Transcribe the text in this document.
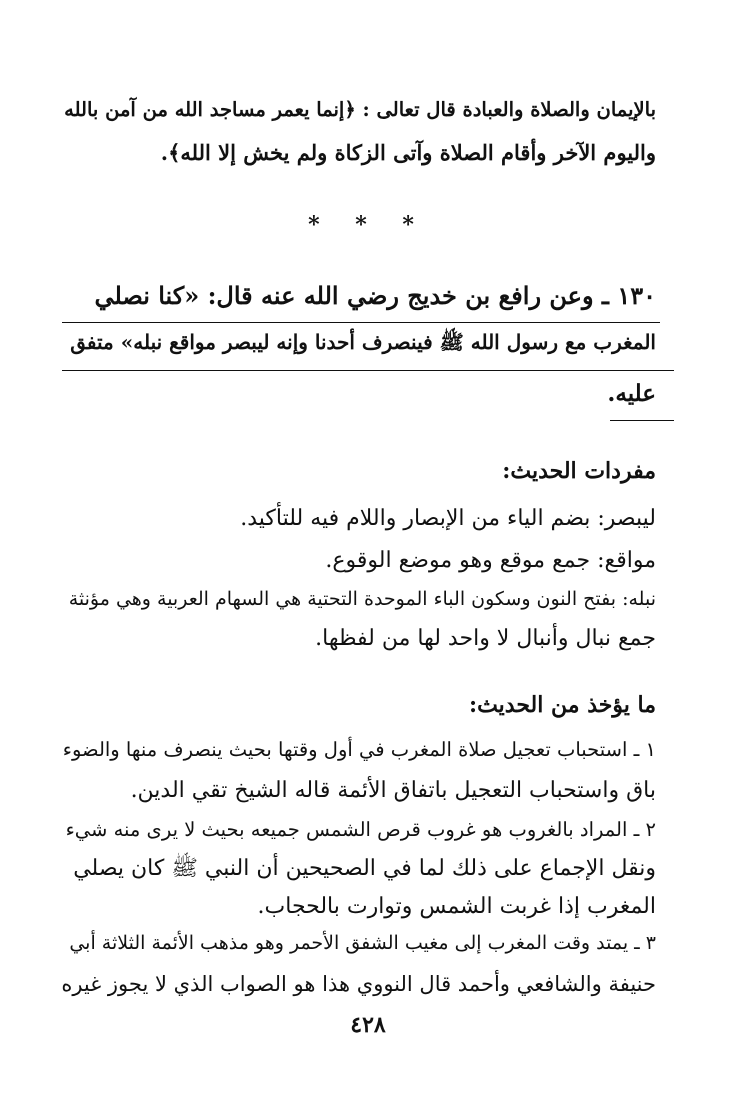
بالإيمان والصلاة والعبادة قال تعالى : ﴿إنما يعمر مساجد الله من آمن بالله
واليوم الآخر وأقام الصلاة وآتى الزكاة ولم يخش إلا الله﴾.
* * *
١٣٠ ـ وعن رافع بن خديج رضي الله عنه قال: «كنا نصلي
المغرب مع رسول الله ﷺ فينصرف أحدنا وإنه ليبصر مواقع نبله» متفق
عليه.
مفردات الحديث:
ليبصر: بضم الياء من الإبصار واللام فيه للتأكيد.
مواقع: جمع موقع وهو موضع الوقوع.
نبله: بفتح النون وسكون الباء الموحدة التحتية هي السهام العربية وهي مؤنثة
جمع نبال وأنبال لا واحد لها من لفظها.
ما يؤخذ من الحديث:
١ ـ استحباب تعجيل صلاة المغرب في أول وقتها بحيث ينصرف منها والضوء
باق واستحباب التعجيل باتفاق الأئمة قاله الشيخ تقي الدين.
٢ ـ المراد بالغروب هو غروب قرص الشمس جميعه بحيث لا يرى منه شيء
ونقل الإجماع على ذلك لما في الصحيحين أن النبي ﷺ كان يصلي
المغرب إذا غربت الشمس وتوارت بالحجاب.
٣ ـ يمتد وقت المغرب إلى مغيب الشفق الأحمر وهو مذهب الأئمة الثلاثة أبي
حنيفة والشافعي وأحمد قال النووي هذا هو الصواب الذي لا يجوز غيره
٤٢٨
